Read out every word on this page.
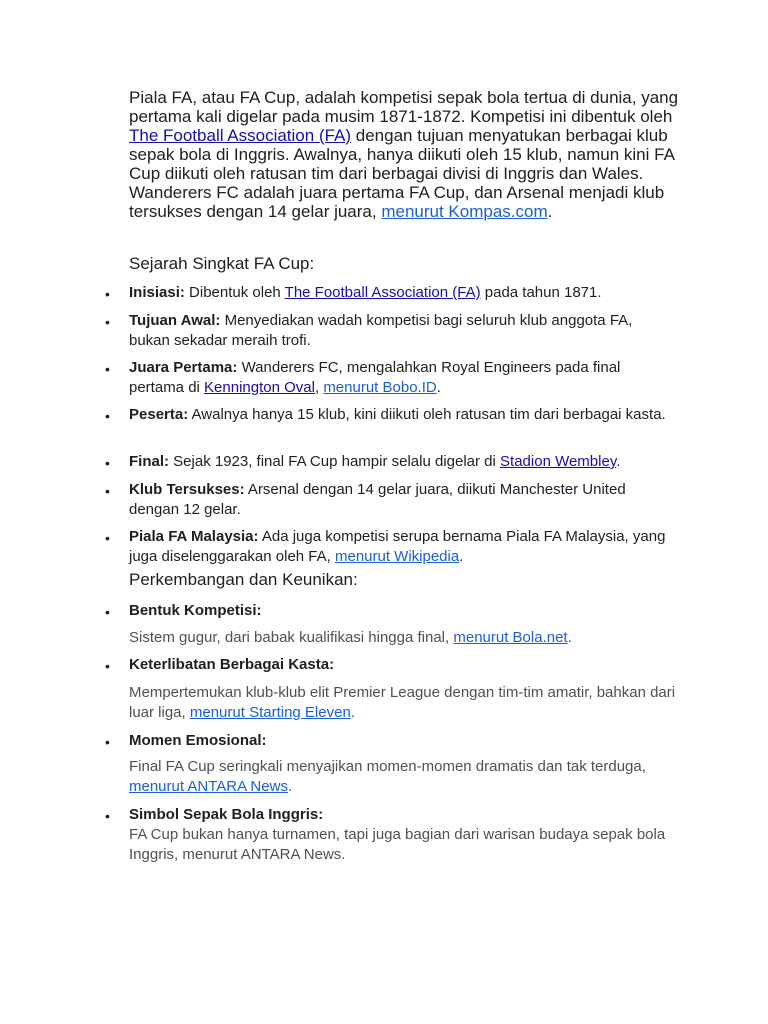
Piala FA, atau FA Cup, adalah kompetisi sepak bola tertua di dunia, yang pertama kali digelar pada musim 1871-1872. Kompetisi ini dibentuk oleh The Football Association (FA) dengan tujuan menyatukan berbagai klub sepak bola di Inggris. Awalnya, hanya diikuti oleh 15 klub, namun kini FA Cup diikuti oleh ratusan tim dari berbagai divisi di Inggris dan Wales. Wanderers FC adalah juara pertama FA Cup, dan Arsenal menjadi klub tersukses dengan 14 gelar juara, menurut Kompas.com.

Sejarah Singkat FA Cup:

• Inisiasi: Dibentuk oleh The Football Association (FA) pada tahun 1871.
• Tujuan Awal: Menyediakan wadah kompetisi bagi seluruh klub anggota FA, bukan sekadar meraih trofi.
• Juara Pertama: Wanderers FC, mengalahkan Royal Engineers pada final pertama di Kennington Oval, menurut Bobo.ID.
• Peserta: Awalnya hanya 15 klub, kini diikuti oleh ratusan tim dari berbagai kasta.
• Final: Sejak 1923, final FA Cup hampir selalu digelar di Stadion Wembley.
• Klub Tersukses: Arsenal dengan 14 gelar juara, diikuti Manchester United dengan 12 gelar.
• Piala FA Malaysia: Ada juga kompetisi serupa bernama Piala FA Malaysia, yang juga diselenggarakan oleh FA, menurut Wikipedia.

Perkembangan dan Keunikan:

• Bentuk Kompetisi:
Sistem gugur, dari babak kualifikasi hingga final, menurut Bola.net.
• Keterlibatan Berbagai Kasta:
Mempertemukan klub-klub elit Premier League dengan tim-tim amatir, bahkan dari luar liga, menurut Starting Eleven.
• Momen Emosional:
Final FA Cup seringkali menyajikan momen-momen dramatis dan tak terduga, menurut ANTARA News.
• Simbol Sepak Bola Inggris:
FA Cup bukan hanya turnamen, tapi juga bagian dari warisan budaya sepak bola Inggris, menurut ANTARA News.
